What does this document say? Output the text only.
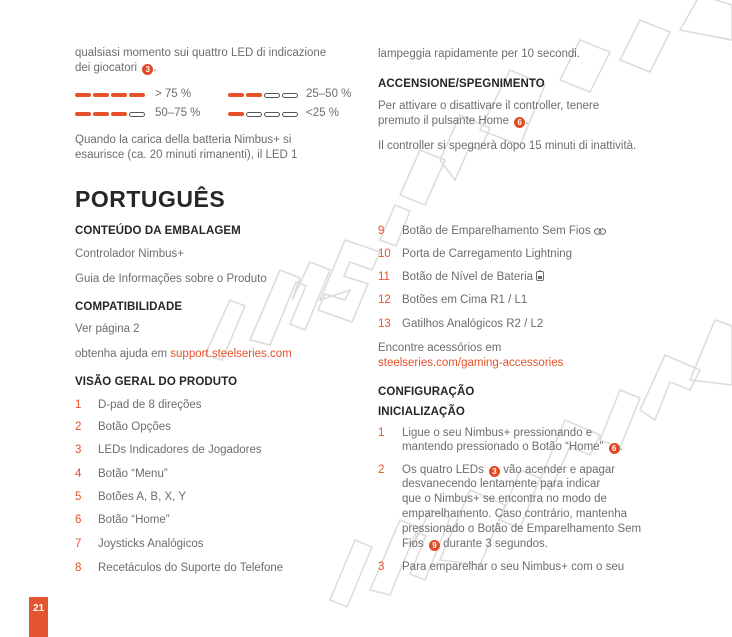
qualsiasi momento sui quattro LED di indicazione
dei giocatori 3 .
> 75 %
50–75 %
25–50 %
<25 %
Quando la carica della batteria Nimbus+ si
esaurisce (ca. 20 minuti rimanenti), il LED 1
PORTUGUÊS
CONTEÚDO DA EMBALAGEM
Controlador Nimbus+
Guia de Informações sobre o Produto
COMPATIBILIDADE
Ver página 2
obtenha ajuda em support.steelseries.com
VISÃO GERAL DO PRODUTO
1 D-pad de 8 direções
2 Botão Opções
3 LEDs Indicadores de Jogadores
4 Botão “Menu”
5 Botões A, B, X, Y
6 Botão “Home”
7 Joysticks Analógicos
8 Recetáculos do Suporte do Telefone
lampeggia rapidamente per 10 secondi.
ACCENSIONE/SPEGNIMENTO
Per attivare o disattivare il controller, tenere
premuto il pulsante Home 6 .
Il controller si spegnerà dopo 15 minuti di inattività.
9 Botão de Emparelhamento Sem Fios
10 Porta de Carregamento Lightning
11 Botão de Nível de Bateria
12 Botões em Cima R1 / L1
13 Gatilhos Analógicos R2 / L2
Encontre acessórios em
steelseries.com/gaming-accessories
CONFIGURAÇÃO
INICIALIZAÇÃO
1 Ligue o seu Nimbus+ pressionando e
mantendo pressionado o Botão “Home” 6 .
2 Os quatro LEDs 3 vão acender e apagar
desvanecendo lentamente para indicar
que o Nimbus+ se encontra no modo de
emparelhamento. Caso contrário, mantenha
pressionado o Botão de Emparelhamento Sem
Fios 9 durante 3 segundos.
3 Para emparelhar o seu Nimbus+ com o seu
21
